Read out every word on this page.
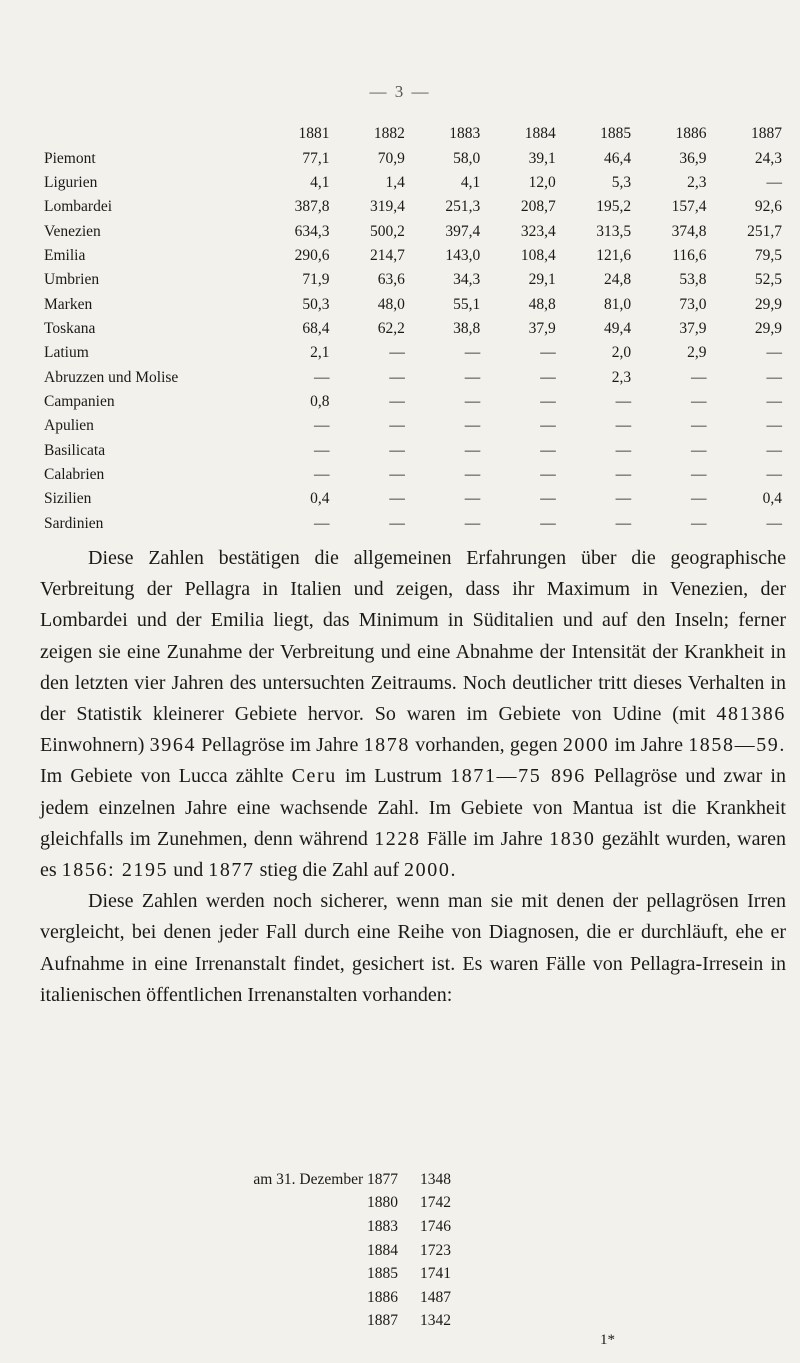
— 3 —
	1881	1882	1883	1884	1885	1886	1887
Piemont	77,1	70,9	58,0	39,1	46,4	36,9	24,3
Ligurien	4,1	1,4	4,1	12,0	5,3	2,3	—
Lombardei	387,8	319,4	251,3	208,7	195,2	157,4	92,6
Venezien	634,3	500,2	397,4	323,4	313,5	374,8	251,7
Emilia	290,6	214,7	143,0	108,4	121,6	116,6	79,5
Umbrien	71,9	63,6	34,3	29,1	24,8	53,8	52,5
Marken	50,3	48,0	55,1	48,8	81,0	73,0	29,9
Toskana	68,4	62,2	38,8	37,9	49,4	37,9	29,9
Latium	2,1	—	—	—	2,0	2,9	—
Abruzzen und Molise	—	—	—	—	2,3	—	—
Campanien	0,8	—	—	—	—	—	—
Apulien	—	—	—	—	—	—	—
Basilicata	—	—	—	—	—	—	—
Calabrien	—	—	—	—	—	—	—
Sizilien	0,4	—	—	—	—	—	0,4
Sardinien	—	—	—	—	—	—	—

Diese Zahlen bestätigen die allgemeinen Erfahrungen über die geographische Verbreitung der Pellagra in Italien und zeigen, dass ihr Maximum in Venezien, der Lombardei und der Emilia liegt, das Minimum in Süditalien und auf den Inseln; ferner zeigen sie eine Zunahme der Verbreitung und eine Abnahme der Intensität der Krankheit in den letzten vier Jahren des untersuchten Zeitraums. Noch deutlicher tritt dieses Verhalten in der Statistik kleinerer Gebiete hervor. So waren im Gebiete von Udine (mit 481386 Einwohnern) 3964 Pellagröse im Jahre 1878 vorhanden, gegen 2000 im Jahre 1858—59. Im Gebiete von Lucca zählte Ceru im Lustrum 1871—75 896 Pellagröse und zwar in jedem einzelnen Jahre eine wachsende Zahl. Im Gebiete von Mantua ist die Krankheit gleichfalls im Zunehmen, denn während 1228 Fälle im Jahre 1830 gezählt wurden, waren es 1856: 2195 und 1877 stieg die Zahl auf 2000.

Diese Zahlen werden noch sicherer, wenn man sie mit denen der pellagrösen Irren vergleicht, bei denen jeder Fall durch eine Reihe von Diagnosen, die er durchläuft, ehe er Aufnahme in eine Irrenanstalt findet, gesichert ist. Es waren Fälle von Pellagra-Irresein in italienischen öffentlichen Irrenanstalten vorhanden:

am 31. Dezember 1877	1348
1880	1742
1883	1746
1884	1723
1885	1741
1886	1487
1887	1342
1*
